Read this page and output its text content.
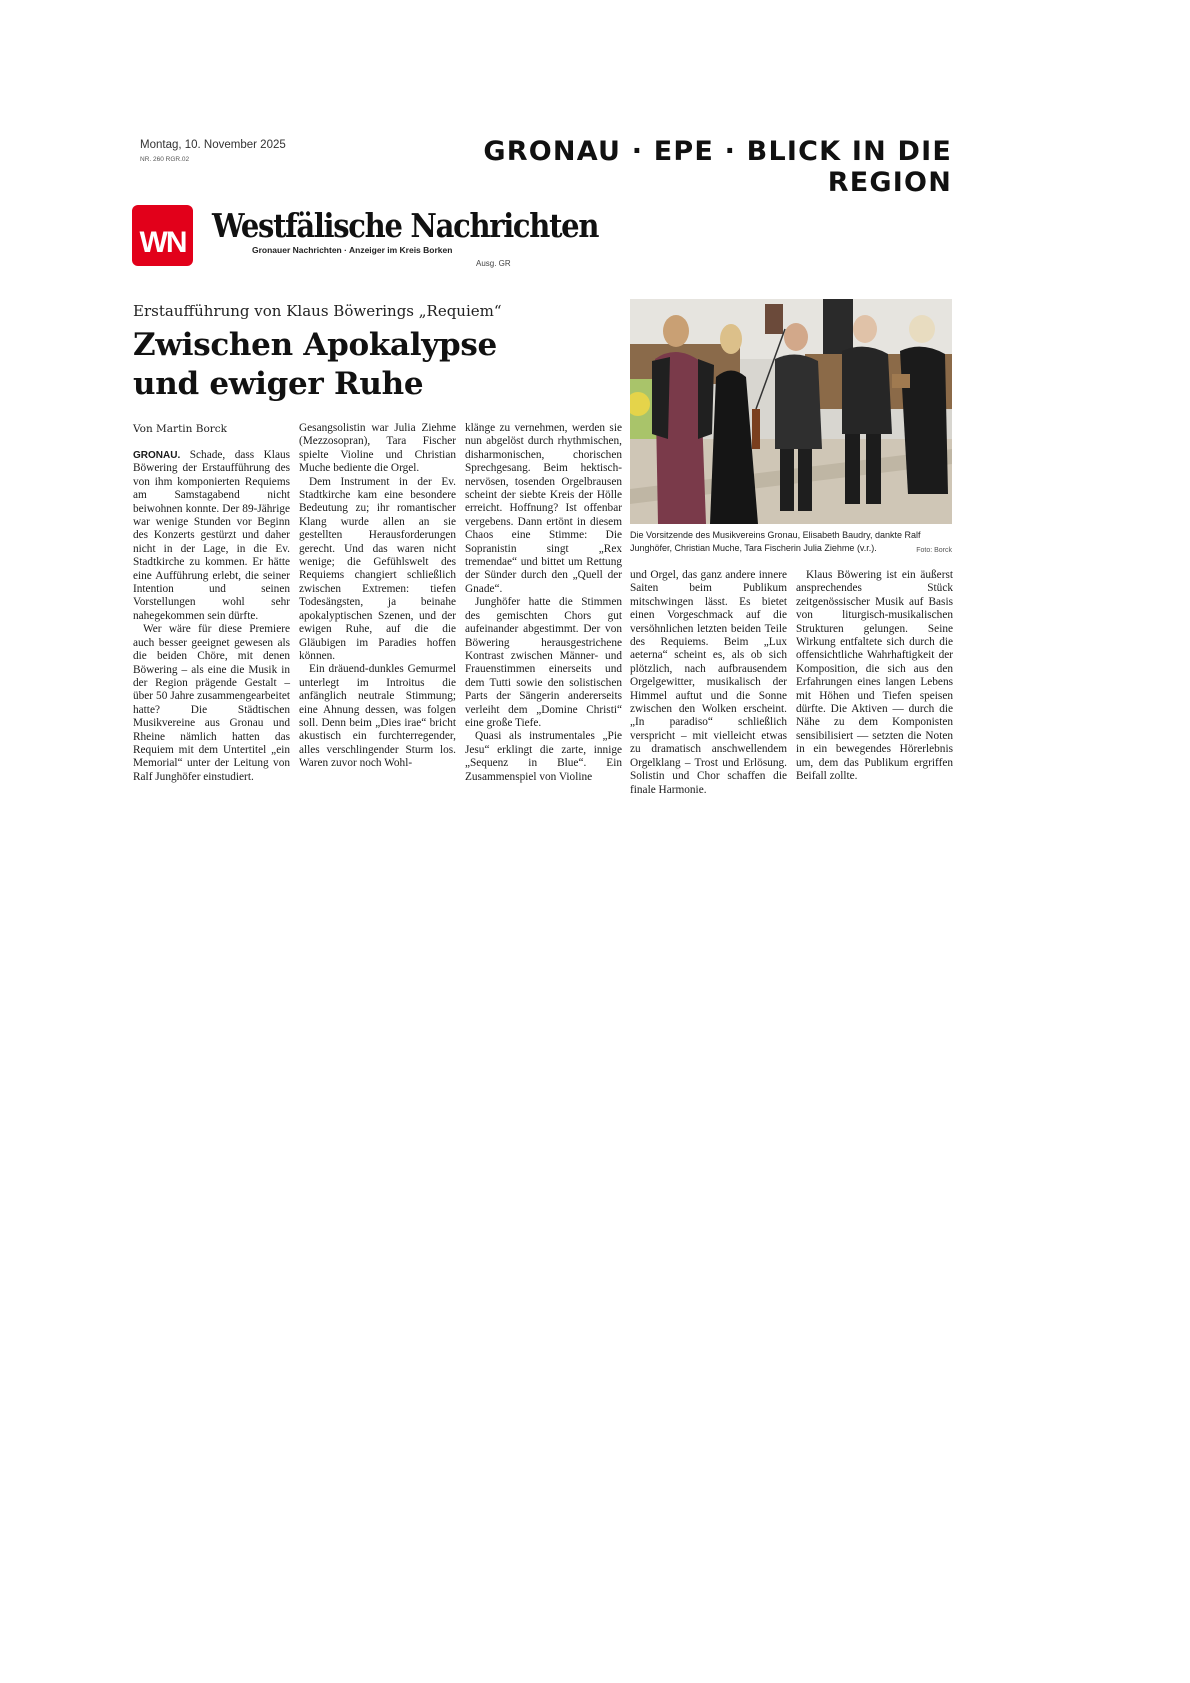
Montag, 10. November 2025
NR. 260 RGR.02	GRONAU · EPE · BLICK IN DIE REGION
WN Westfälische Nachrichten
Gronauer Nachrichten · Anzeiger im Kreis Borken
Ausg. GR
Erstaufführung von Klaus Böwerings „Requiem“
Zwischen Apokalypse
und ewiger Ruhe
Von Martin Borck

GRONAU. Schade, dass Klaus Böwering der Erstaufführung des von ihm komponierten Requiems am Samstagabend nicht beiwohnen konnte. Der 89-Jährige war wenige Stunden vor Beginn des Konzerts gestürzt und daher nicht in der Lage, in die Ev. Stadtkirche zu kommen. Er hätte eine Aufführung erlebt, die seiner Intention und seinen Vorstellungen wohl sehr nahegekommen sein dürfte.

Wer wäre für diese Premiere auch besser geeignet gewesen als die beiden Chöre, mit denen Böwering – als eine die Musik in der Region prägende Gestalt – über 50 Jahre zusammengearbeitet hatte? Die Städtischen Musikvereine aus Gronau und Rheine nämlich hatten das Requiem mit dem Untertitel „ein Memorial“ unter der Leitung von Ralf Junghöfer einstudiert.

Gesangsolistin war Julia Ziehme (Mezzosopran), Tara Fischer spielte Violine und Christian Muche bediente die Orgel.

Dem Instrument in der Ev. Stadtkirche kam eine besondere Bedeutung zu; ihr romantischer Klang wurde allen an sie gestellten Herausforderungen gerecht. Und das waren nicht wenige; die Gefühlswelt des Requiems changiert schließlich zwischen Extremen: tiefen Todesängsten, ja beinahe apokalyptischen Szenen, und der ewigen Ruhe, auf die die Gläubigen im Paradies hoffen können.

Ein dräuend-dunkles Gemurmel unterlegt im Introitus die anfänglich neutrale Stimmung; eine Ahnung dessen, was folgen soll. Denn beim „Dies irae“ bricht akustisch ein furchterregender, alles verschlingender Sturm los. Waren zuvor noch Wohl-

klänge zu vernehmen, werden sie nun abgelöst durch rhythmischen, disharmonischen, chorischen Sprechgesang. Beim hektisch-nervösen, tosenden Orgelbrausen scheint der siebte Kreis der Hölle erreicht. Hoffnung? Ist offenbar vergebens. Dann ertönt in diesem Chaos eine Stimme: Die Sopranistin singt „Rex tremendae“ und bittet um Rettung der Sünder durch den „Quell der Gnade“.

Junghöfer hatte die Stimmen des gemischten Chors gut aufeinander abgestimmt. Der von Böwering herausgestrichene Kontrast zwischen Männer- und Frauenstimmen einerseits und dem Tutti sowie den solistischen Parts der Sängerin andererseits verleiht dem „Domine Christi“ eine große Tiefe.

Quasi als instrumentales „Pie Jesu“ erklingt die zarte, innige „Sequenz in Blue“. Ein Zusammenspiel von Violine

Die Vorsitzende des Musikvereins Gronau, Elisabeth Baudry, dankte Ralf Junghöfer, Christian Muche, Tara Fischerin Julia Ziehme (v.r.).	Foto: Borck

und Orgel, das ganz andere innere Saiten beim Publikum mitschwingen lässt. Es bietet einen Vorgeschmack auf die versöhnlichen letzten beiden Teile des Requiems. Beim „Lux aeterna“ scheint es, als ob sich plötzlich, nach aufbrausendem Orgelgewitter, musikalisch der Himmel auftut und die Sonne zwischen den Wolken erscheint. „In paradiso“ schließlich verspricht – mit vielleicht etwas zu dramatisch anschwellendem Orgelklang – Trost und Erlösung. Solistin und Chor schaffen die finale Harmonie.

Klaus Böwering ist ein äußerst ansprechendes Stück zeitgenössischer Musik auf Basis von liturgisch-musikalischen Strukturen gelungen. Seine Wirkung entfaltete sich durch die offensichtliche Wahrhaftigkeit der Komposition, die sich aus den Erfahrungen eines langen Lebens mit Höhen und Tiefen speisen dürfte. Die Aktiven — durch die Nähe zu dem Komponisten sensibilisiert — setzten die Noten in ein bewegendes Hörerlebnis um, dem das Publikum ergriffen Beifall zollte.
